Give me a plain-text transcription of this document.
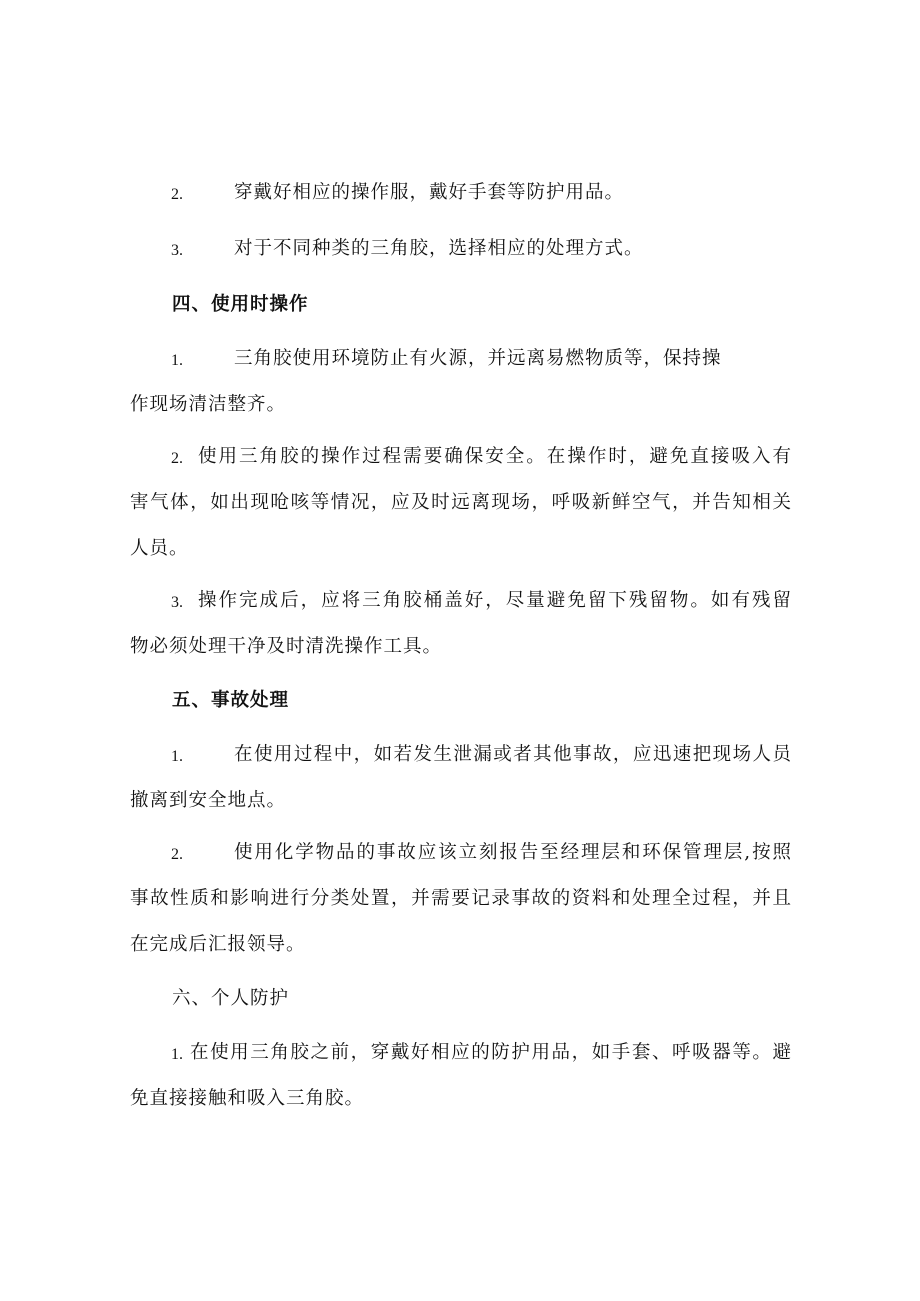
2.	穿戴好相应的操作服，戴好手套等防护用品。
3.	对于不同种类的三角胶，选择相应的处理方式。
四、使用时操作
1.	三角胶使用环境防止有火源，并远离易燃物质等，保持操
作现场清洁整齐。
2. 使用三角胶的操作过程需要确保安全。在操作时，避免直接吸入有
害气体，如出现呛咳等情况，应及时远离现场，呼吸新鲜空气，并告知相关
人员。
3. 操作完成后，应将三角胶桶盖好，尽量避免留下残留物。如有残留
物必须处理干净及时清洗操作工具。
五、事故处理
1.	在使用过程中，如若发生泄漏或者其他事故，应迅速把现场人员
撤离到安全地点。
2.	使用化学物品的事故应该立刻报告至经理层和环保管理层,按照
事故性质和影响进行分类处置，并需要记录事故的资料和处理全过程，并且
在完成后汇报领导。
六、个人防护
1. 在使用三角胶之前，穿戴好相应的防护用品，如手套、呼吸器等。避
免直接接触和吸入三角胶。
